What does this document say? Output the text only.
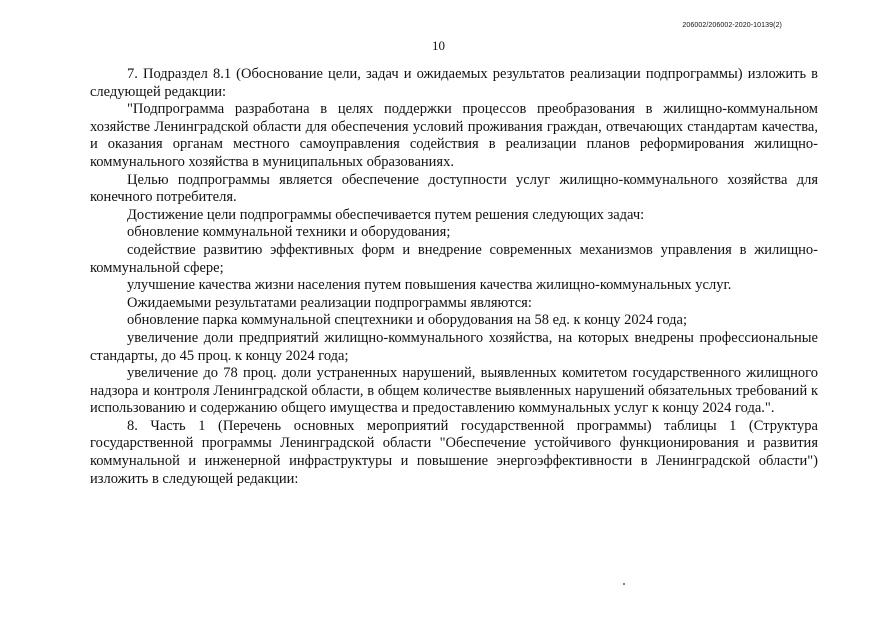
206002/206002-2020-10139(2)
10

7. Подраздел 8.1 (Обоснование цели, задач и ожидаемых результатов реализации подпрограммы) изложить в следующей редакции:

"Подпрограмма разработана в целях поддержки процессов преобразования в жилищно-коммунальном хозяйстве Ленинградской области для обеспечения условий проживания граждан, отвечающих стандартам качества, и оказания органам местного самоуправления содействия в реализации планов реформирования жилищно-коммунального хозяйства в муниципальных образованиях.

Целью подпрограммы является обеспечение доступности услуг жилищно-коммунального хозяйства для конечного потребителя.

Достижение цели подпрограммы обеспечивается путем решения следующих задач:

обновление коммунальной техники и оборудования;

содействие развитию эффективных форм и внедрение современных механизмов управления в жилищно-коммунальной сфере;

улучшение качества жизни населения путем повышения качества жилищно-коммунальных услуг.

Ожидаемыми результатами реализации подпрограммы являются:

обновление парка коммунальной спецтехники и оборудования на 58 ед. к концу 2024 года;

увеличение доли предприятий жилищно-коммунального хозяйства, на которых внедрены профессиональные стандарты, до 45 проц. к концу 2024 года;

увеличение до 78 проц. доли устраненных нарушений, выявленных комитетом государственного жилищного надзора и контроля Ленинградской области, в общем количестве выявленных нарушений обязательных требований к использованию и содержанию общего имущества и предоставлению коммунальных услуг к концу 2024 года.".

8. Часть 1 (Перечень основных мероприятий государственной программы) таблицы 1 (Структура государственной программы Ленинградской области "Обеспечение устойчивого функционирования и развития коммунальной и инженерной инфраструктуры и повышение энергоэффективности в Ленинградской области") изложить в следующей редакции:
